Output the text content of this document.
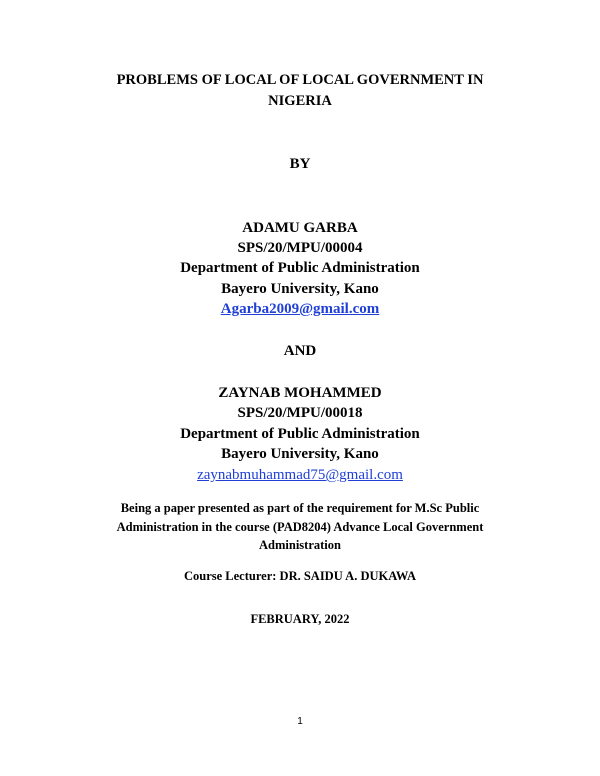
PROBLEMS OF LOCAL OF LOCAL GOVERNMENT IN
NIGERIA
BY
ADAMU GARBA
SPS/20/MPU/00004
Department of Public Administration
Bayero University, Kano
Agarba2009@gmail.com
AND
ZAYNAB MOHAMMED
SPS/20/MPU/00018
Department of Public Administration
Bayero University, Kano
zaynabmuhammad75@gmail.com
Being a paper presented as part of the requirement for M.Sc Public
Administration in the course (PAD8204) Advance Local Government
Administration
Course Lecturer: DR. SAIDU A. DUKAWA
FEBRUARY, 2022
1
